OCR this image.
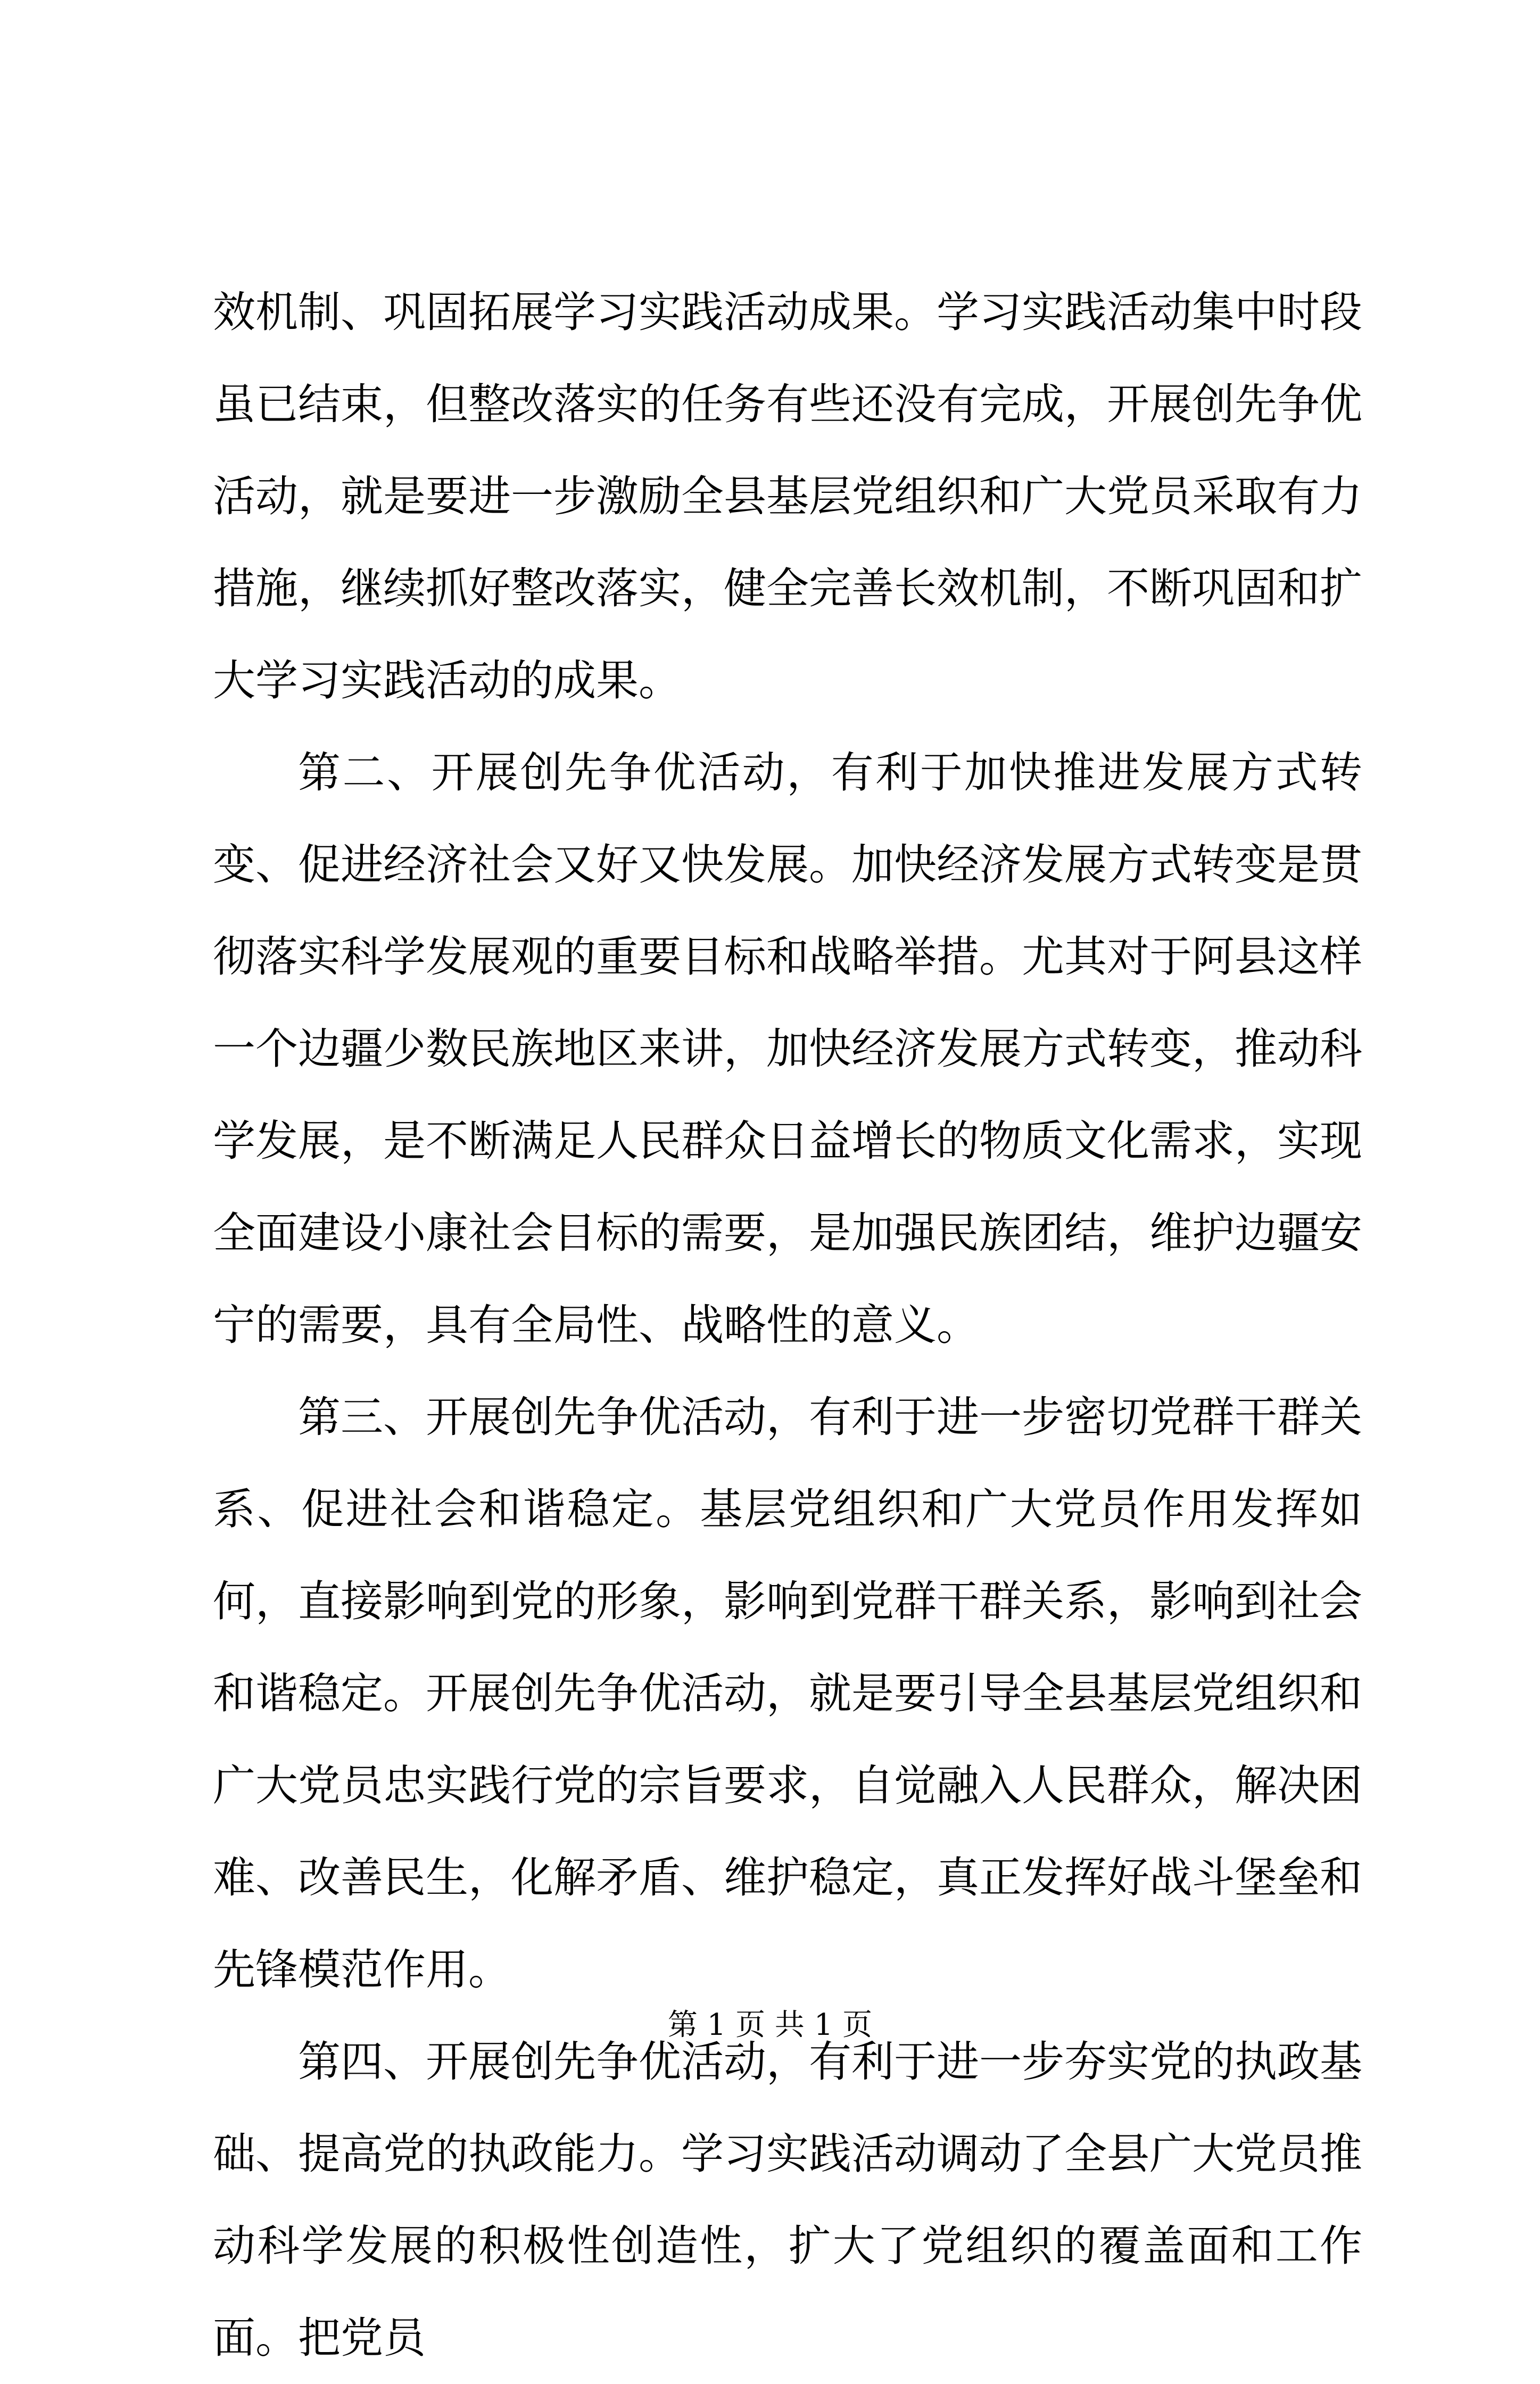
效机制、巩固拓展学习实践活动成果。学习实践活动集中时段虽已结束，但整改落实的任务有些还没有完成，开展创先争优活动，就是要进一步激励全县基层党组织和广大党员采取有力措施，继续抓好整改落实，健全完善长效机制，不断巩固和扩大学习实践活动的成果。

第二、开展创先争优活动，有利于加快推进发展方式转变、促进经济社会又好又快发展。加快经济发展方式转变是贯彻落实科学发展观的重要目标和战略举措。尤其对于阿县这样一个边疆少数民族地区来讲，加快经济发展方式转变，推动科学发展，是不断满足人民群众日益增长的物质文化需求，实现全面建设小康社会目标的需要，是加强民族团结，维护边疆安宁的需要，具有全局性、战略性的意义。

第三、开展创先争优活动，有利于进一步密切党群干群关系、促进社会和谐稳定。基层党组织和广大党员作用发挥如何，直接影响到党的形象，影响到党群干群关系，影响到社会和谐稳定。开展创先争优活动，就是要引导全县基层党组织和广大党员忠实践行党的宗旨要求，自觉融入人民群众，解决困难、改善民生，化解矛盾、维护稳定，真正发挥好战斗堡垒和先锋模范作用。

第四、开展创先争优活动，有利于进一步夯实党的执政基础、提高党的执政能力。学习实践活动调动了全县广大党员推动科学发展的积极性创造性，扩大了党组织的覆盖面和工作面。把党员

第 1 页 共 1 页
